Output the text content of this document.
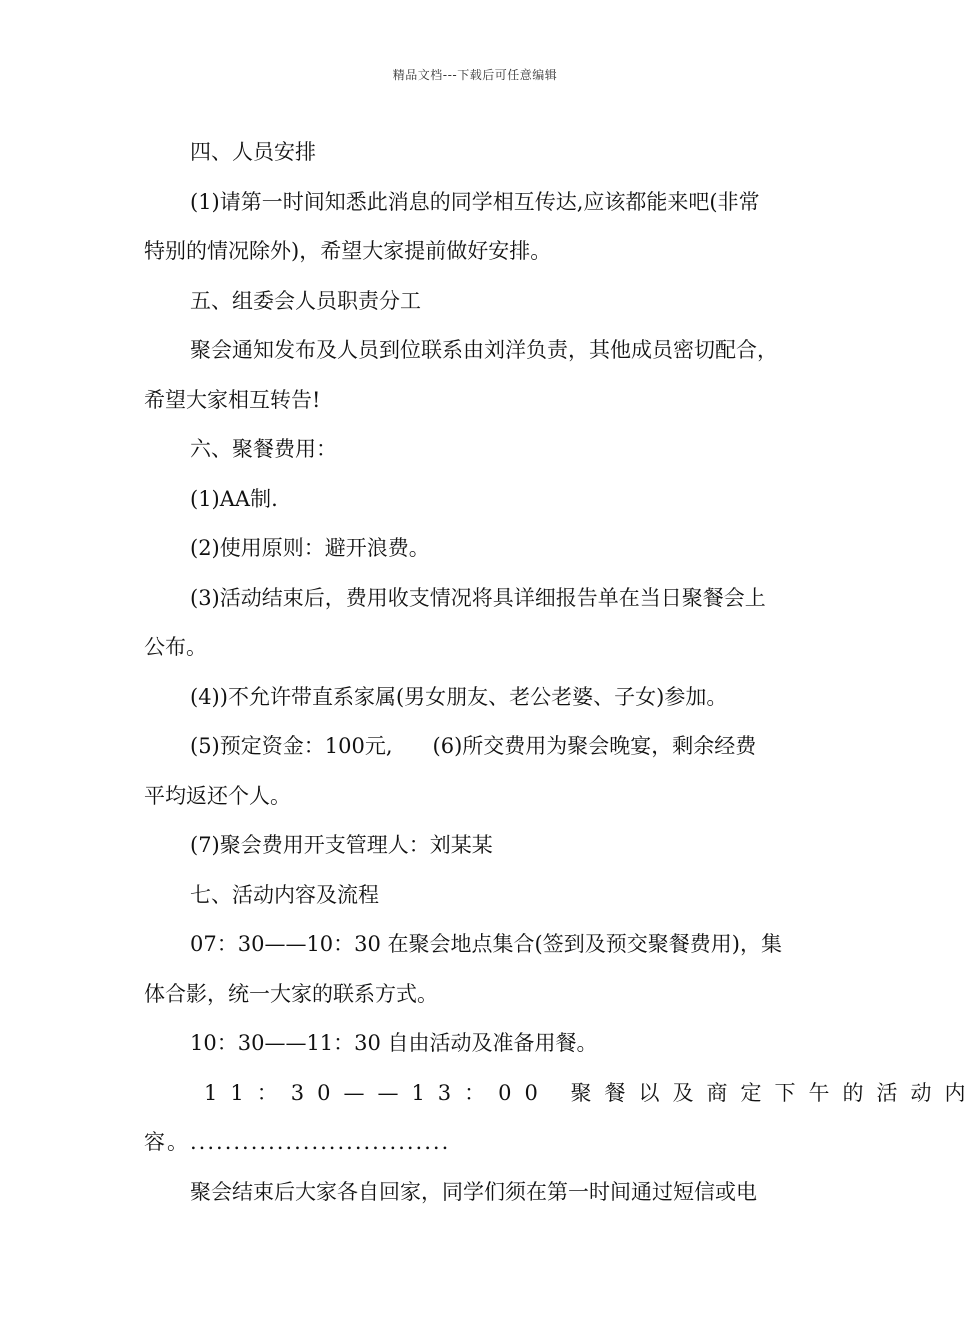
精品文档---下载后可任意编辑
四、人员安排
(1)请第一时间知悉此消息的同学相互传达,应该都能来吧(非常
特别的情况除外)，希望大家提前做好安排。
五、组委会人员职责分工
聚会通知发布及人员到位联系由刘洋负责，其他成员密切配合，
希望大家相互转告!
六、聚餐费用：
(1)AA制.
(2)使用原则：避开浪费。
(3)活动结束后，费用收支情况将具详细报告单在当日聚餐会上
公布。
(4))不允许带直系家属(男女朋友、老公老婆、子女)参加。
(5)预定资金：100元,      (6)所交费用为聚会晚宴，剩余经费
平均返还个人。
(7)聚会费用开支管理人：刘某某
七、活动内容及流程
07：30——10：30 在聚会地点集合(签到及预交聚餐费用)，集
体合影，统一大家的联系方式。
10：30——11：30 自由活动及准备用餐。
11：30——13：00 聚餐以及商定下午的活动内
容。..............................
聚会结束后大家各自回家，同学们须在第一时间通过短信或电
